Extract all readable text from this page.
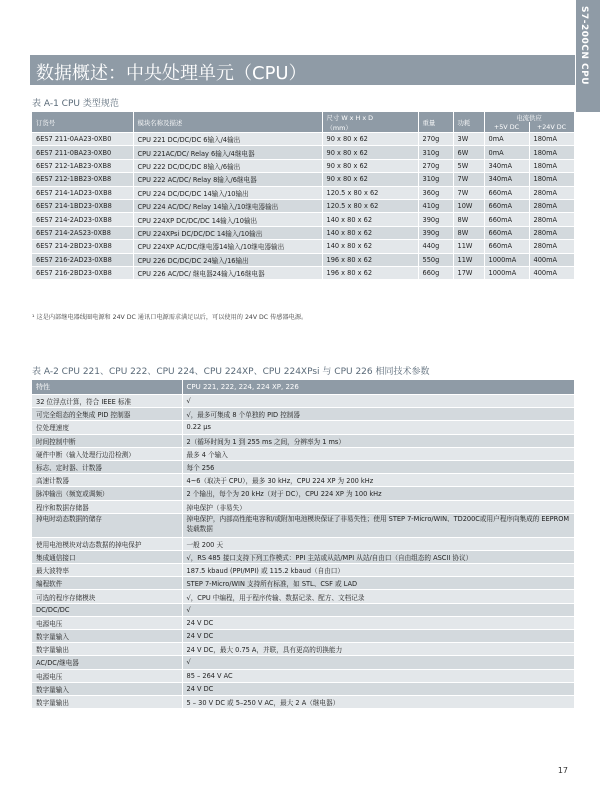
S7-200CN CPU
数据概述：中央处理单元（CPU）
表 A-1 CPU 类型规范
订货号	模块名称及描述	尺寸 W x H x D	重量	功耗	电流供应	
		（mm）			+5V DC	+24V DC
6ES7 211-0AA23-0XB0	CPU 221 DC/DC/DC 6输入/4输出	90 x 80 x 62	270g	3W	0mA	180mA
6ES7 211-0BA23-0XB0	CPU 221AC/DC/ Relay 6输入/4继电器	90 x 80 x 62	310g	6W	0mA	180mA
6ES7 212-1AB23-0XB8	CPU 222 DC/DC/DC 8输入/6输出	90 x 80 x 62	270g	5W	340mA	180mA
6ES7 212-1BB23-0XB8	CPU 222 AC/DC/ Relay 8输入/6继电器	90 x 80 x 62	310g	7W	340mA	180mA
6ES7 214-1AD23-0XB8	CPU 224 DC/DC/DC 14输入/10输出	120.5 x 80 x 62	360g	7W	660mA	280mA
6ES7 214-1BD23-0XB8	CPU 224 AC/DC/ Relay 14输入/10继电器输出	120.5 x 80 x 62	410g	10W	660mA	280mA
6ES7 214-2AD23-0XB8	CPU 224XP DC/DC/DC 14输入/10输出	140 x 80 x 62	390g	8W	660mA	280mA
6ES7 214-2AS23-0XB8	CPU 224XPsi DC/DC/DC 14输入/10输出	140 x 80 x 62	390g	8W	660mA	280mA
6ES7 214-2BD23-0XB8	CPU 224XP AC/DC/继电器14输入/10继电器输出	140 x 80 x 62	440g	11W	660mA	280mA
6ES7 216-2AD23-0XB8	CPU 226 DC/DC/DC 24输入/16输出	196 x 80 x 62	550g	11W	1000mA	400mA
6ES7 216-2BD23-0XB8	CPU 226 AC/DC/ 继电器24输入/16继电器	196 x 80 x 62	660g	17W	1000mA	400mA
¹ 这是内部继电器线圈电源和 24V DC 通讯口电源需求满足以后，可以使用的 24V DC 传感器电源。
表 A-2 CPU 221、CPU 222、CPU 224、CPU 224XP、CPU 224XPsi 与 CPU 226 相同技术参数
特性	CPU 221, 222, 224, 224 XP, 226
32 位浮点计算，符合 IEEE 标准	√
可完全组态的全集成 PID 控制器	√，最多可集成 8 个单独的 PID 控制器
位处理速度	0.22 μs
时间控制中断	2（循环时间为 1 到 255 ms 之间，分辨率为 1 ms）
硬件中断（输入处理行边沿检测）	最多 4 个输入
标志、定时器、计数器	每个 256
高速计数器	4~6（取决于 CPU），最多 30 kHz，CPU 224 XP 为 200 kHz
脉冲输出（频宽或调频）	2 个输出，每个为 20 kHz（对于 DC），CPU 224 XP 为 100 kHz
程序和数据存储器	掉电保护（非易失）
掉电时动态数据的储存	掉电保护，内部高性能电容和/或附加电池模块保证了非易失性；使用 STEP 7-Micro/WIN、TD200C或用户程序向集成的 EEPROM 装载数据
使用电池模块对动态数据的掉电保护	一般 200 天
集成通信接口	√，RS 485 接口支持下列工作模式：PPI 主站或从站/MPI 从站/自由口（自由组态的 ASCII 协议）
最大波特率	187.5 kbaud (PPI/MPI) 或 115.2 kbaud（自由口）
编程软件	STEP 7-Micro/WIN 支持所有标准，如 STL、CSF 或 LAD
可选的程序存储模块	√，CPU 中编程，用于程序传输、数据记录、配方、文档记录
DC/DC/DC	√
电源电压	24 V DC
数字量输入	24 V DC
数字量输出	24 V DC，最大 0.75 A，并联，具有更高的切换能力
AC/DC/继电器	√
电源电压	85 – 264 V AC
数字量输入	24 V DC
数字量输出	5 – 30 V DC 或 5–250 V AC，最大 2 A（继电器）
17
